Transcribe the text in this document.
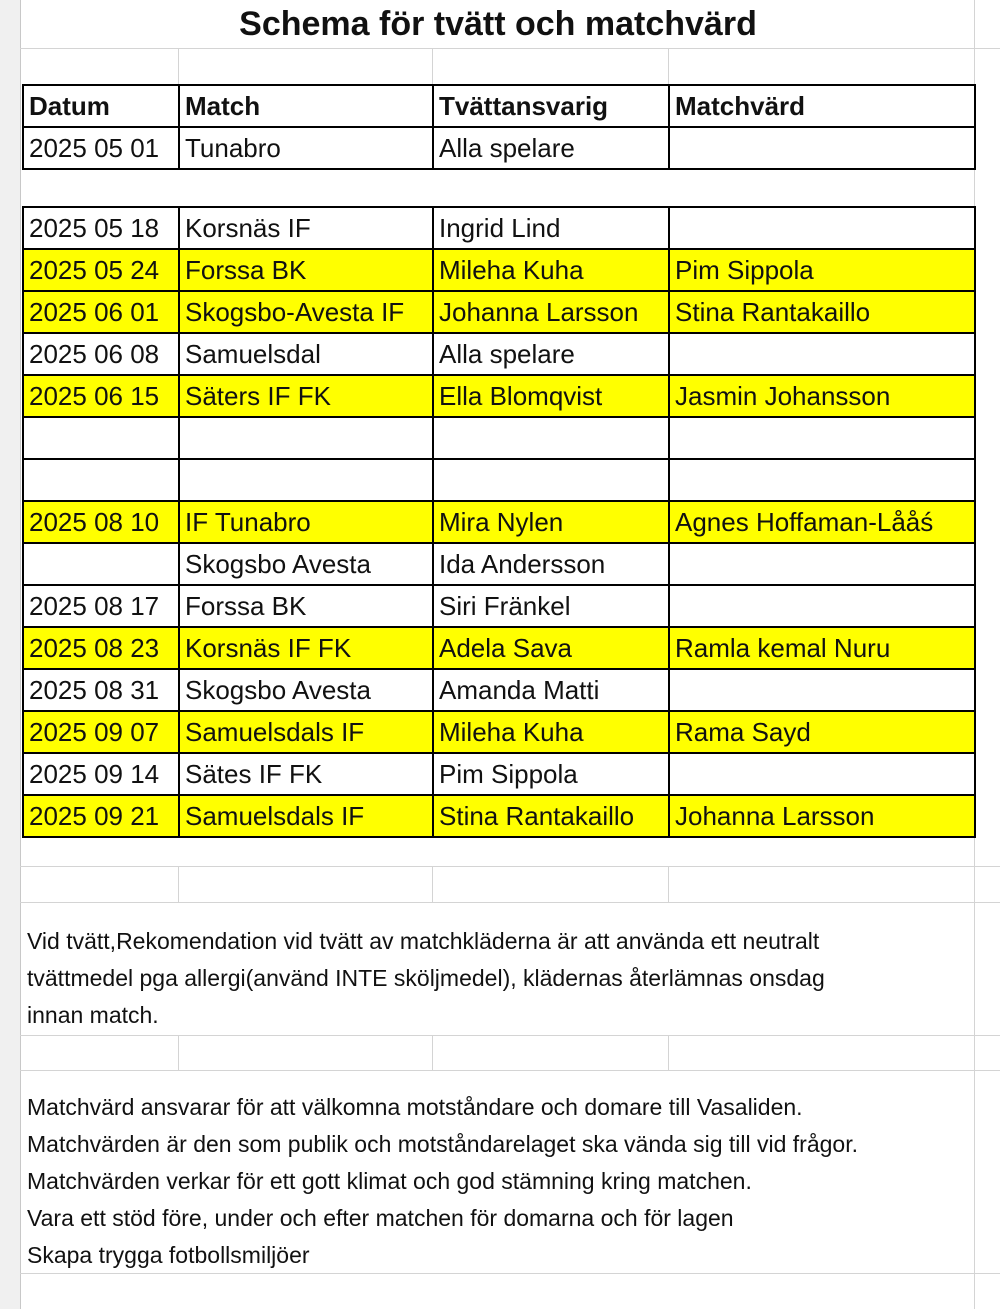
Schema för tvätt och matchvärd
Datum	Match	Tvättansvarig	Matchvärd
2025 05 01	Tunabro	Alla spelare	
2025 05 18	Korsnäs IF	Ingrid Lind	
2025 05 24	Forssa BK	Mileha Kuha	Pim Sippola
2025 06 01	Skogsbo-Avesta IF	Johanna Larsson	Stina Rantakaillo
2025 06 08	Samuelsdal	Alla spelare	
2025 06 15	Säters IF FK	Ella Blomqvist	Jasmin Johansson

2025 08 10	IF Tunabro	Mira Nylen	Agnes Hoffaman-Lååś
	Skogsbo Avesta	Ida Andersson	
2025 08 17	Forssa BK	Siri Fränkel	
2025 08 23	Korsnäs IF FK	Adela Sava	Ramla kemal Nuru
2025 08 31	Skogsbo Avesta	Amanda Matti	
2025 09 07	Samuelsdals IF	Mileha Kuha	Rama Sayd
2025 09 14	Sätes IF FK	Pim Sippola	
2025 09 21	Samuelsdals IF	Stina Rantakaillo	Johanna Larsson
Vid tvätt,Rekomendation vid tvätt av matchkläderna är att använda ett neutralt
tvättmedel pga allergi(använd INTE sköljmedel), klädernas återlämnas onsdag
innan match.
Matchvärd ansvarar för att välkomna motståndare och domare till Vasaliden.
Matchvärden är den som publik och motståndarelaget ska vända sig till vid frågor.
Matchvärden verkar för ett gott klimat och god stämning kring matchen.
Vara ett stöd före, under och efter matchen för domarna och för lagen
Skapa trygga fotbollsmiljöer
